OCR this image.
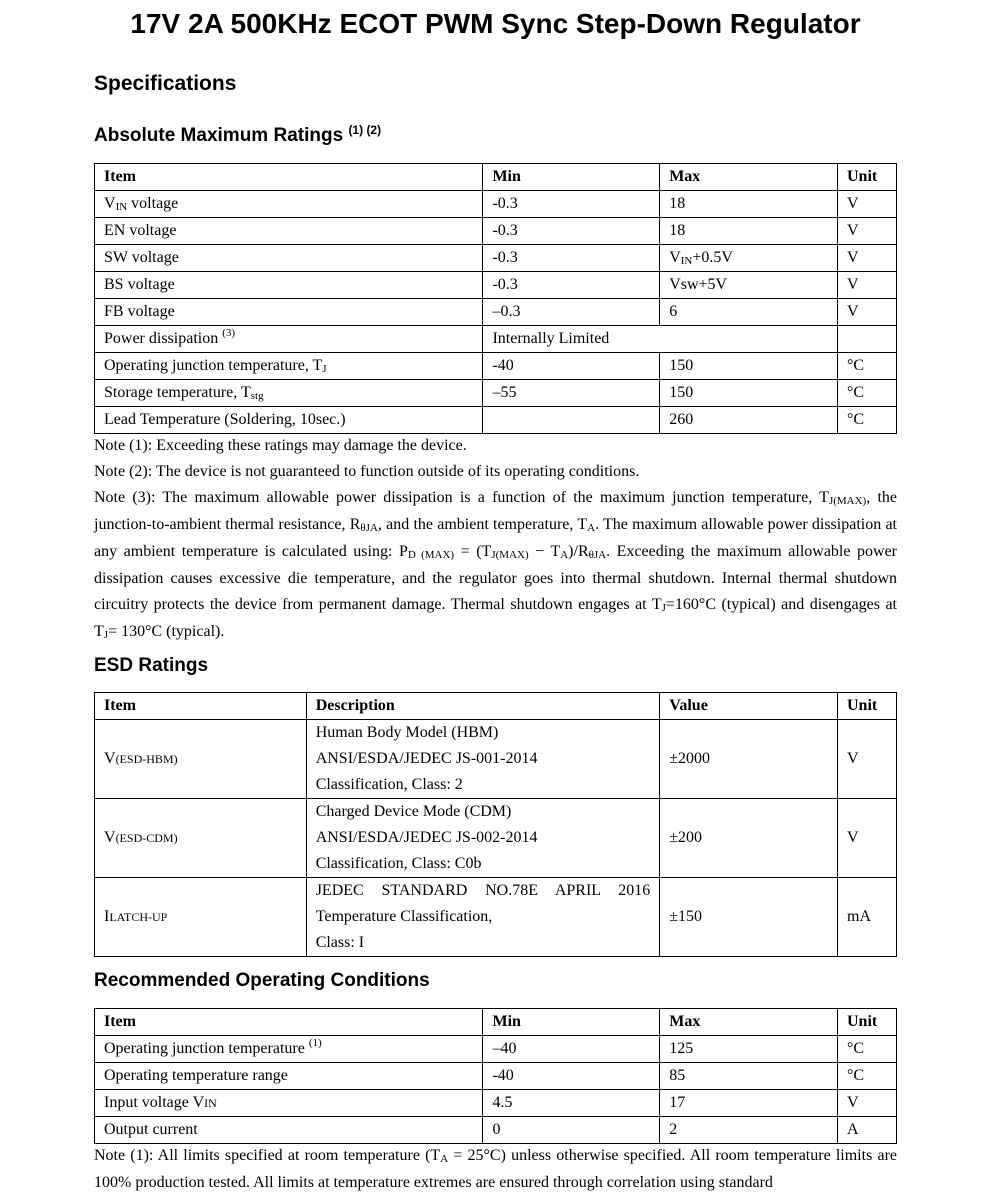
17V 2A 500KHz ECOT PWM Sync Step-Down Regulator
Specifications
Absolute Maximum Ratings $^{(1) (2)}$
Item	Min	Max	Unit
$V_{IN}$ voltage	-0.3	18	V
EN voltage	-0.3	18	V
SW voltage	-0.3	$V_{IN}+0.5V$	V
BS voltage	-0.3	Vsw+5V	V
FB voltage	–0.3	6	V
Power dissipation $^{(3)}$	Internally Limited		
Operating junction temperature, $T_J$	-40	150	°C
Storage temperature, $T_{stg}$	–55	150	°C
Lead Temperature (Soldering, 10sec.)		260	°C

Note (1): Exceeding these ratings may damage the device.

Note (2): The device is not guaranteed to function outside of its operating conditions.

Note (3): The maximum allowable power dissipation is a function of the maximum junction temperature, $T_{J(MAX)}$, the junction-to-ambient thermal resistance, $R_{\theta JA}$, and the ambient temperature, $T_A$. The maximum allowable power dissipation at any ambient temperature is calculated using: $P_{D (MAX)} = (T_{J(MAX)} - T_A)/R_{\theta JA}$. Exceeding the maximum allowable power dissipation causes excessive die temperature, and the regulator goes into thermal shutdown. Internal thermal shutdown circuitry protects the device from permanent damage. Thermal shutdown engages at $T_J=160^\circ C$ (typical) and disengages at $T_J= 130^\circ C$ (typical).

ESD Ratings
Item	Description	Value	Unit
V(ESD-HBM)	Human Body Model (HBM)
ANSI/ESDA/JEDEC JS-001-2014
Classification, Class: 2	±2000	V
V(ESD-CDM)	Charged Device Mode (CDM)
ANSI/ESDA/JEDEC JS-002-2014
Classification, Class: C0b	±200	V
ILATCH-UP	JEDEC STANDARD NO.78E APRIL 2016
Temperature Classification,
Class: I	±150	mA
Recommended Operating Conditions
Item	Min	Max	Unit
Operating junction temperature $^{(1)}$	–40	125	°C
Operating temperature range	-40	85	°C
Input voltage VIN	4.5	17	V
Output current	0	2	A

Note (1): All limits specified at room temperature $(T_A = 25^\circ C)$ unless otherwise specified. All room temperature limits are 100% production tested. All limits at temperature extremes are ensured through correlation using standard
